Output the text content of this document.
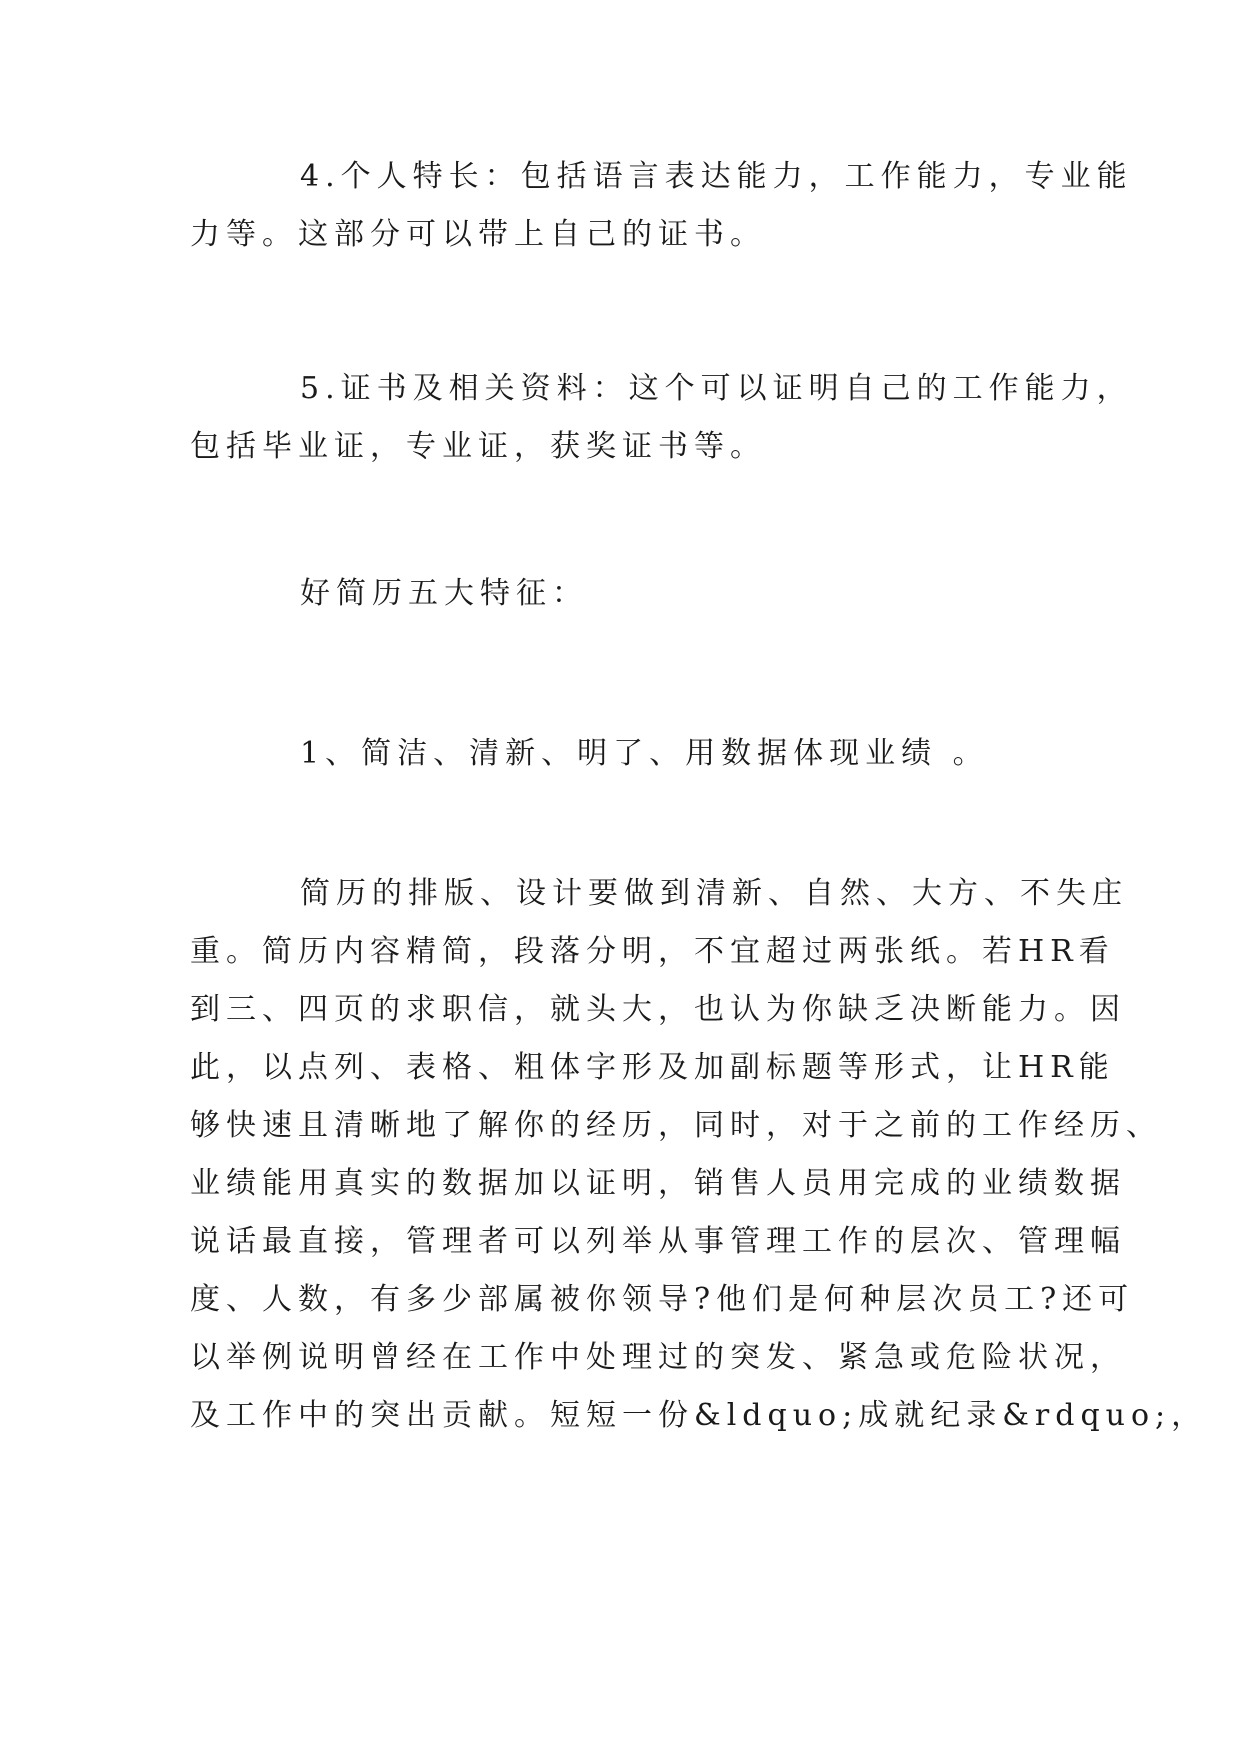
4.个人特长：包括语言表达能力，工作能力，专业能
力等。这部分可以带上自己的证书。

5.证书及相关资料：这个可以证明自己的工作能力，
包括毕业证，专业证，获奖证书等。

好简历五大特征：

1、简洁、清新、明了、用数据体现业绩 。

简历的排版、设计要做到清新、自然、大方、不失庄
重。简历内容精简，段落分明，不宜超过两张纸。若HR看
到三、四页的求职信，就头大，也认为你缺乏决断能力。因
此，以点列、表格、粗体字形及加副标题等形式，让HR能
够快速且清晰地了解你的经历，同时，对于之前的工作经历、
业绩能用真实的数据加以证明，销售人员用完成的业绩数据
说话最直接，管理者可以列举从事管理工作的层次、管理幅
度、人数，有多少部属被你领导?他们是何种层次员工?还可
以举例说明曾经在工作中处理过的突发、紧急或危险状况，
及工作中的突出贡献。短短一份&ldquo;成就纪录&rdquo;，
